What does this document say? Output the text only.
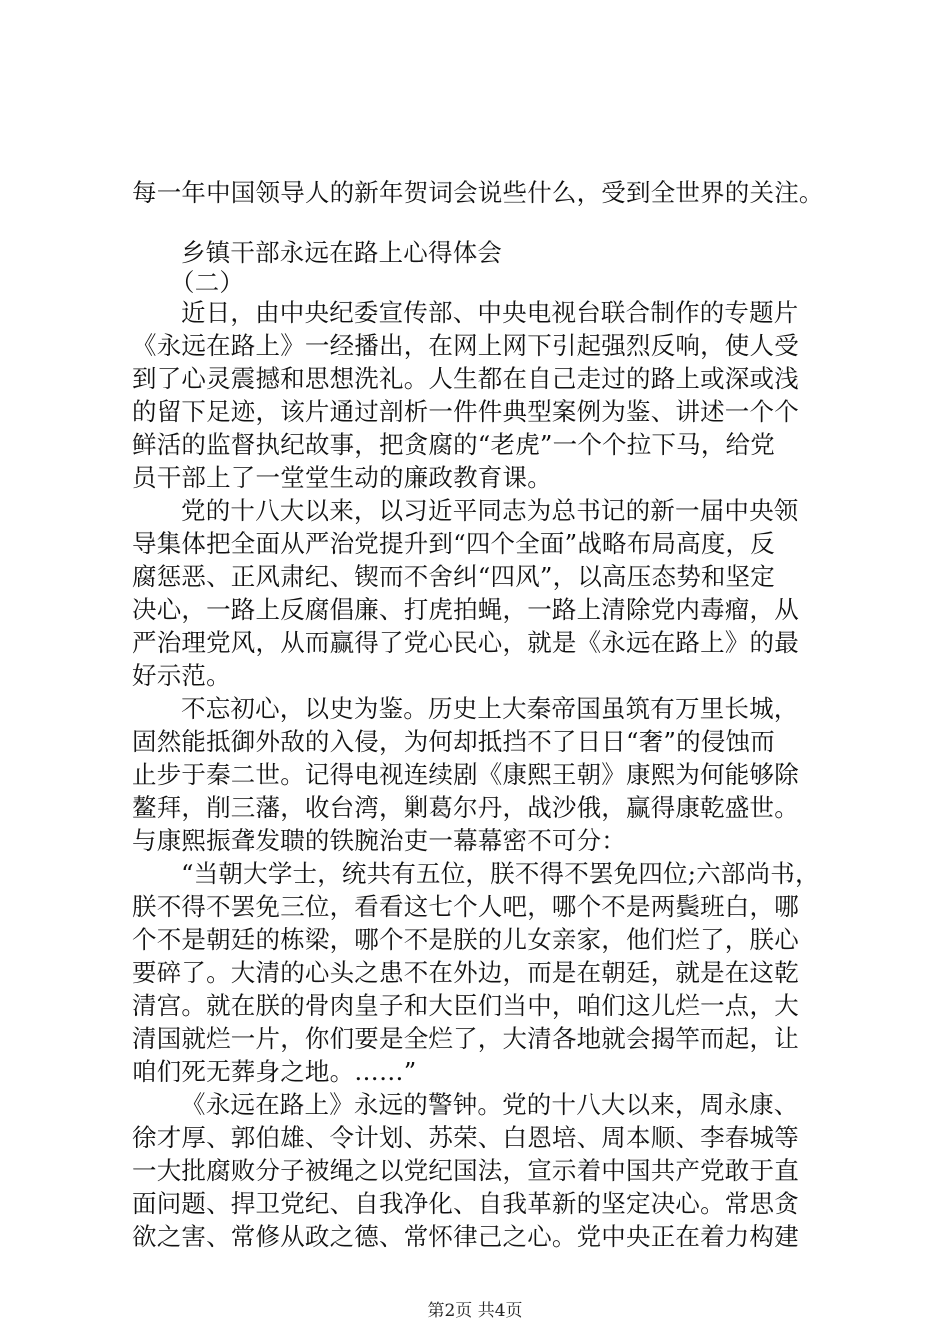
每一年中国领导人的新年贺词会说些什么，受到全世界的关注。
乡镇干部永远在路上心得体会
（二）
近日，由中央纪委宣传部、中央电视台联合制作的专题片
《永远在路上》一经播出，在网上网下引起强烈反响，使人受
到了心灵震撼和思想洗礼。人生都在自己走过的路上或深或浅
的留下足迹，该片通过剖析一件件典型案例为鉴、讲述一个个
鲜活的监督执纪故事，把贪腐的“老虎”一个个拉下马，给党
员干部上了一堂堂生动的廉政教育课。
党的十八大以来，以习近平同志为总书记的新一届中央领
导集体把全面从严治党提升到“四个全面”战略布局高度，反
腐惩恶、正风肃纪、锲而不舍纠“四风”，以高压态势和坚定
决心，一路上反腐倡廉、打虎拍蝇，一路上清除党内毒瘤，从
严治理党风，从而赢得了党心民心，就是《永远在路上》的最
好示范。
不忘初心，以史为鉴。历史上大秦帝国虽筑有万里长城，
固然能抵御外敌的入侵，为何却抵挡不了日日“奢”的侵蚀而
止步于秦二世。记得电视连续剧《康熙王朝》康熙为何能够除
鳌拜，削三藩，收台湾，剿葛尔丹，战沙俄，赢得康乾盛世。
与康熙振聋发聩的铁腕治吏一幕幕密不可分：
“当朝大学士，统共有五位，朕不得不罢免四位;六部尚书，
朕不得不罢免三位，看看这七个人吧，哪个不是两鬓班白，哪
个不是朝廷的栋梁，哪个不是朕的儿女亲家，他们烂了，朕心
要碎了。大清的心头之患不在外边，而是在朝廷，就是在这乾
清宫。就在朕的骨肉皇子和大臣们当中，咱们这儿烂一点，大
清国就烂一片，你们要是全烂了，大清各地就会揭竿而起，让
咱们死无葬身之地。……”
《永远在路上》永远的警钟。党的十八大以来，周永康、
徐才厚、郭伯雄、令计划、苏荣、白恩培、周本顺、李春城等
一大批腐败分子被绳之以党纪国法，宣示着中国共产党敢于直
面问题、捍卫党纪、自我净化、自我革新的坚定决心。常思贪
欲之害、常修从政之德、常怀律己之心。党中央正在着力构建
第2页 共4页
